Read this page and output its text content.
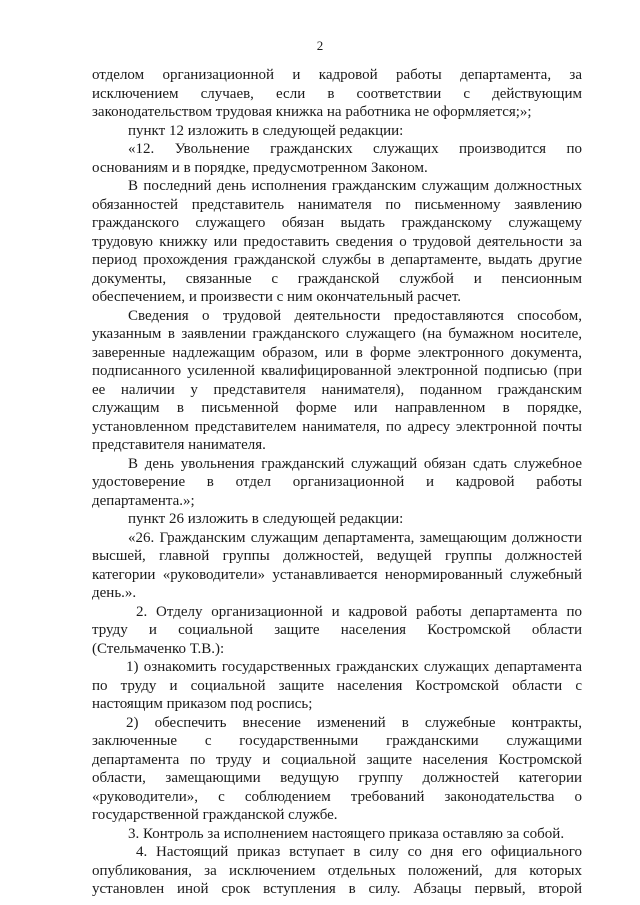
2
отделом организационной и кадровой работы департамента, за
исключением случаев, если в соответствии с действующим
законодательством трудовая книжка на работника не оформляется;»;
пункт 12 изложить в следующей редакции:
«12. Увольнение гражданских служащих производится по
основаниям и в порядке, предусмотренном Законом.
В последний день исполнения гражданским служащим должностных
обязанностей представитель нанимателя по письменному заявлению
гражданского служащего обязан выдать гражданскому служащему
трудовую книжку или предоставить сведения о трудовой деятельности за
период прохождения гражданской службы в департаменте, выдать другие
документы, связанные с гражданской службой и пенсионным
обеспечением, и произвести с ним окончательный расчет.
Сведения о трудовой деятельности предоставляются способом,
указанным в заявлении гражданского служащего (на бумажном носителе,
заверенные надлежащим образом, или в форме электронного документа,
подписанного усиленной квалифицированной электронной подписью (при
ее наличии у представителя нанимателя), поданном гражданским
служащим в письменной форме или направленном в порядке,
установленном представителем нанимателя, по адресу электронной почты
представителя нанимателя.
В день увольнения гражданский служащий обязан сдать служебное
удостоверение в отдел организационной и кадровой работы
департамента.»;
пункт 26 изложить в следующей редакции:
«26. Гражданским служащим департамента, замещающим должности
высшей, главной группы должностей, ведущей группы должностей
категории «руководители» устанавливается ненормированный служебный
день.».
2. Отделу организационной и кадровой работы департамента по
труду и социальной защите населения Костромской области
(Стельмаченко Т.В.):
1) ознакомить государственных гражданских служащих департамента
по труду и социальной защите населения Костромской области с
настоящим приказом под роспись;
2) обеспечить внесение изменений в служебные контракты,
заключенные с государственными гражданскими служащими
департамента по труду и социальной защите населения Костромской
области, замещающими ведущую группу должностей категории
«руководители», с соблюдением требований законодательства о
государственной гражданской службе.
3. Контроль за исполнением настоящего приказа оставляю за собой.
4. Настоящий приказ вступает в силу со дня его официального
опубликования, за исключением отдельных положений, для которых
установлен иной срок вступления в силу. Абзацы первый, второй
